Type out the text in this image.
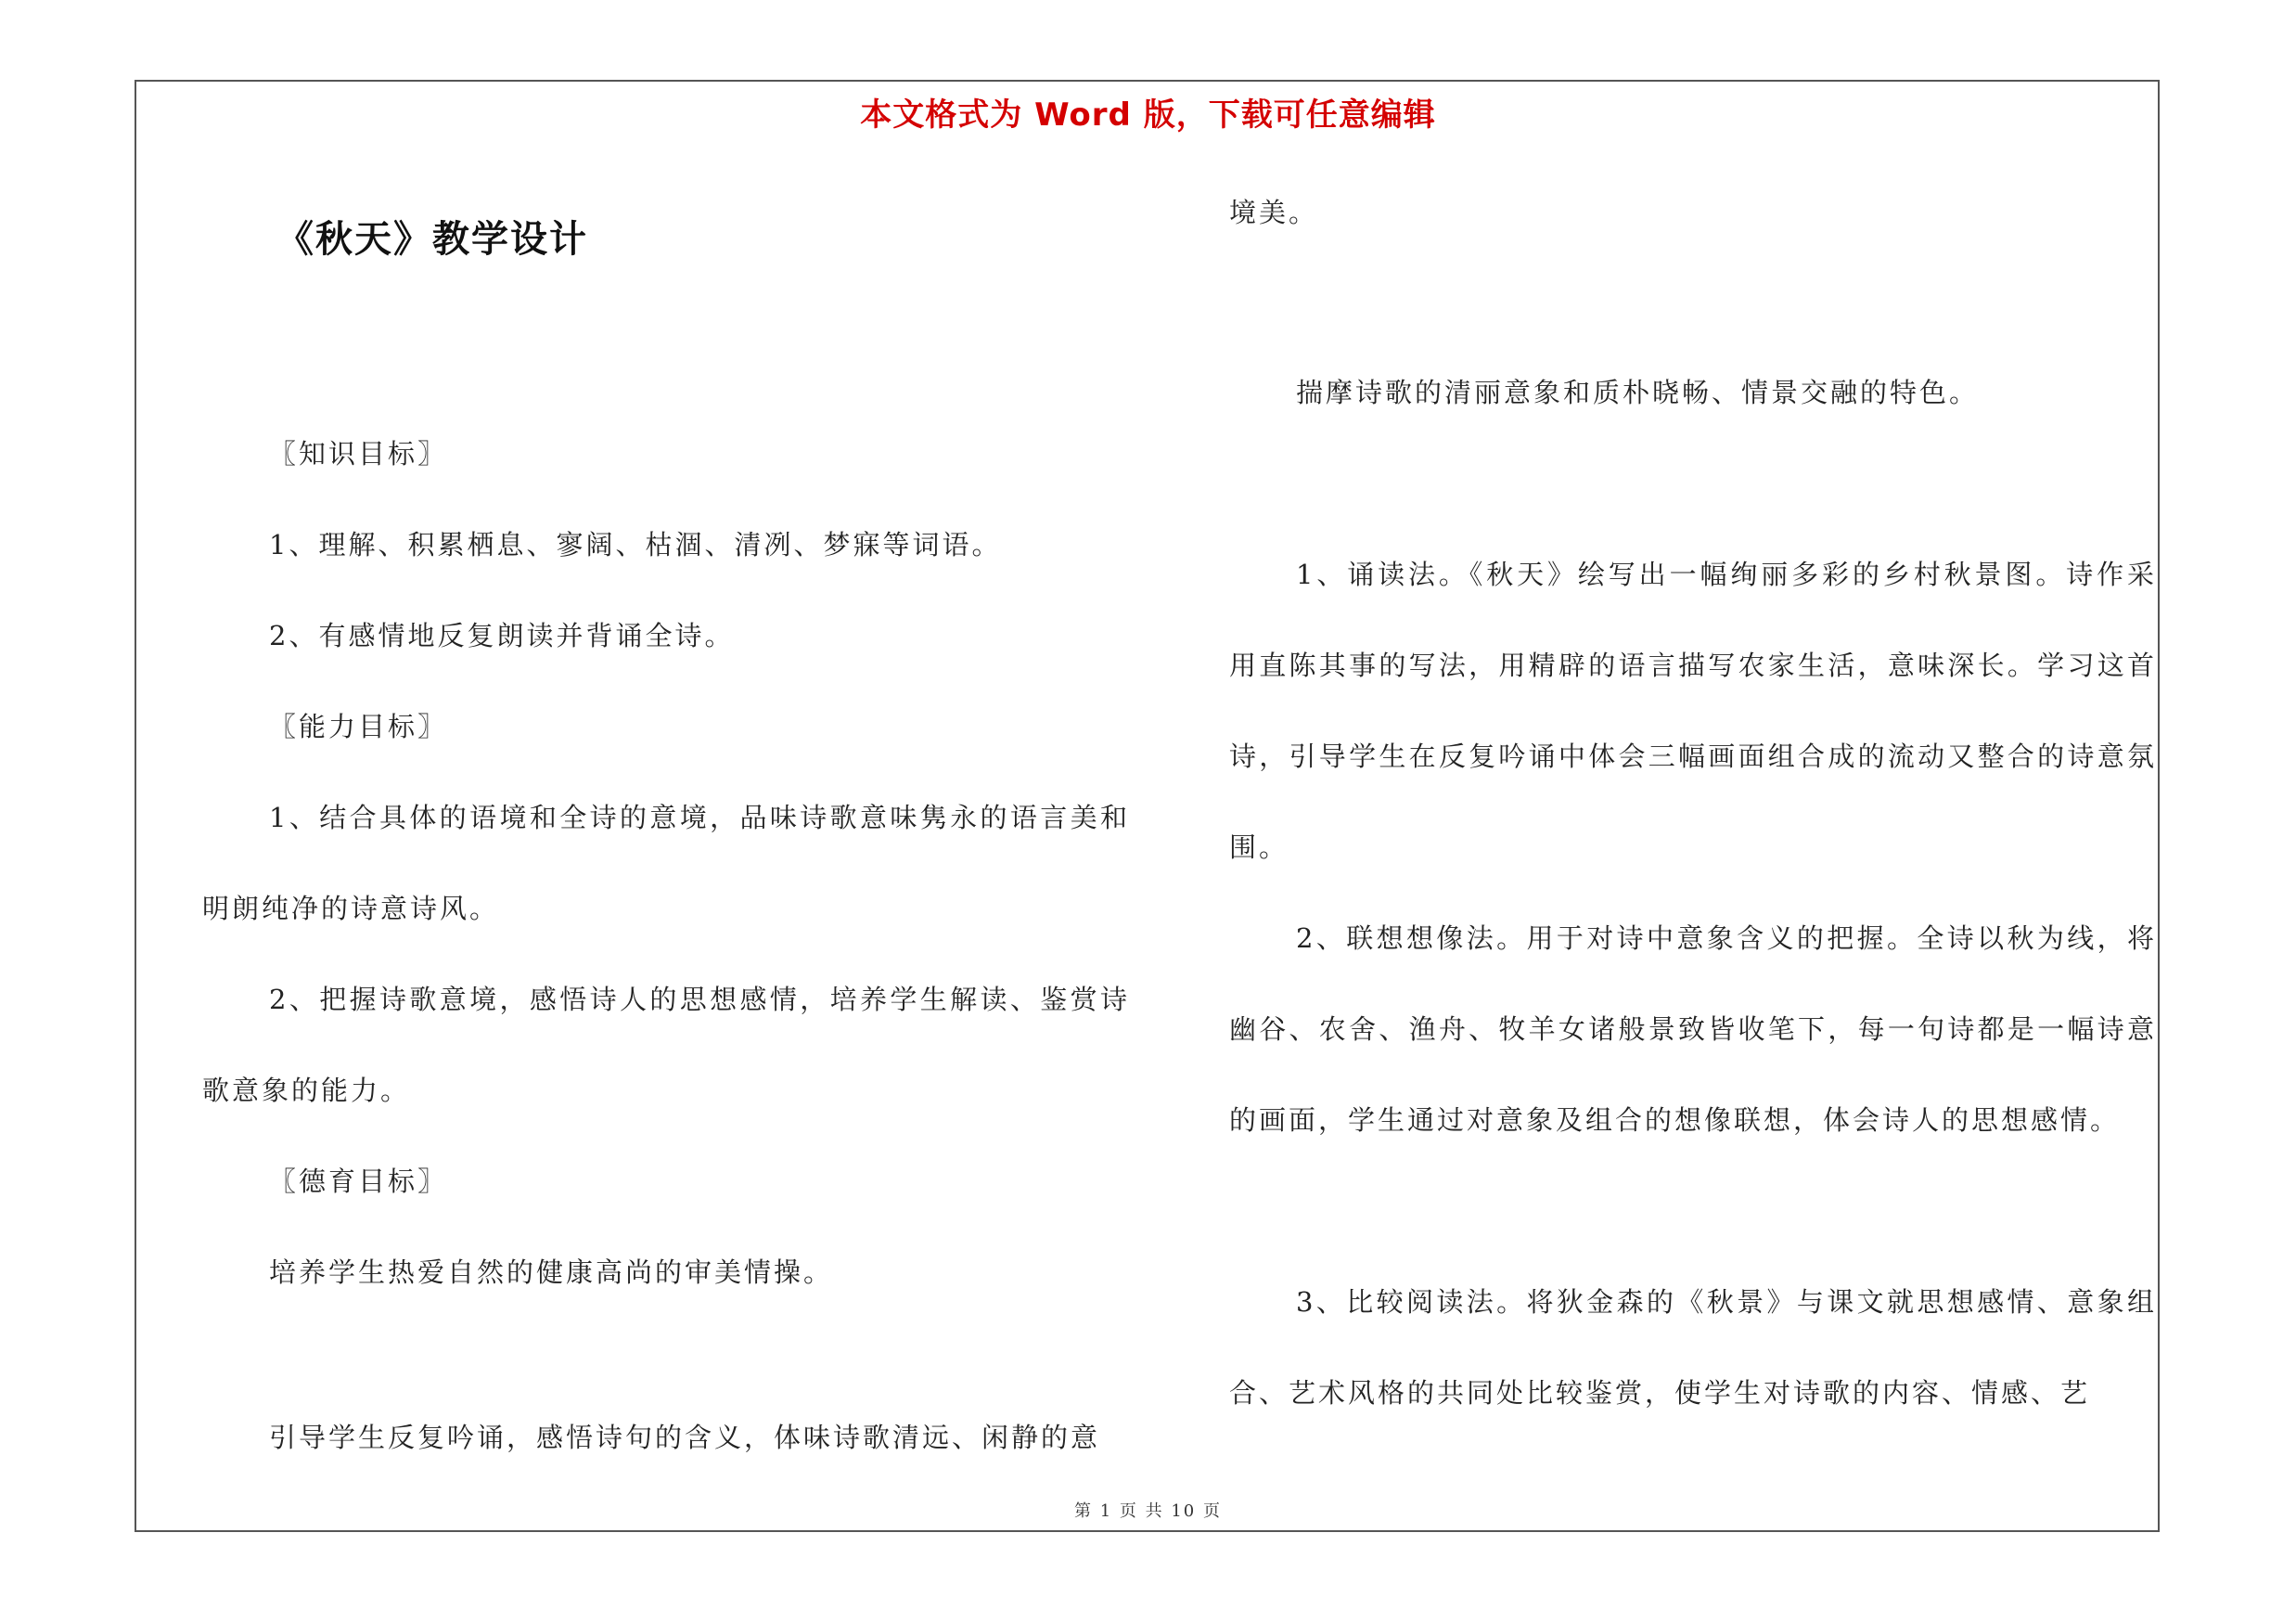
本文格式为 Word 版，下载可任意编辑
《秋天》教学设计

〖知识目标〗

1、理解、积累栖息、寥阔、枯涸、清冽、梦寐等词语。

2、有感情地反复朗读并背诵全诗。

〖能力目标〗

1、结合具体的语境和全诗的意境，品味诗歌意味隽永的语言美和明朗纯净的诗意诗风。

2、把握诗歌意境，感悟诗人的思想感情，培养学生解读、鉴赏诗歌意象的能力。

〖德育目标〗

培养学生热爱自然的健康高尚的审美情操。

引导学生反复吟诵，感悟诗句的含义，体味诗歌清远、闲静的意

境美。

揣摩诗歌的清丽意象和质朴晓畅、情景交融的特色。

1、诵读法。《秋天》绘写出一幅绚丽多彩的乡村秋景图。诗作采用直陈其事的写法，用精辟的语言描写农家生活，意味深长。学习这首诗，引导学生在反复吟诵中体会三幅画面组合成的流动又整合的诗意氛围。

2、联想想像法。用于对诗中意象含义的把握。全诗以秋为线，将幽谷、农舍、渔舟、牧羊女诸般景致皆收笔下，每一句诗都是一幅诗意的画面，学生通过对意象及组合的想像联想，体会诗人的思想感情。

3、比较阅读法。将狄金森的《秋景》与课文就思想感情、意象组合、艺术风格的共同处比较鉴赏，使学生对诗歌的内容、情感、艺

第 1 页 共 10 页
